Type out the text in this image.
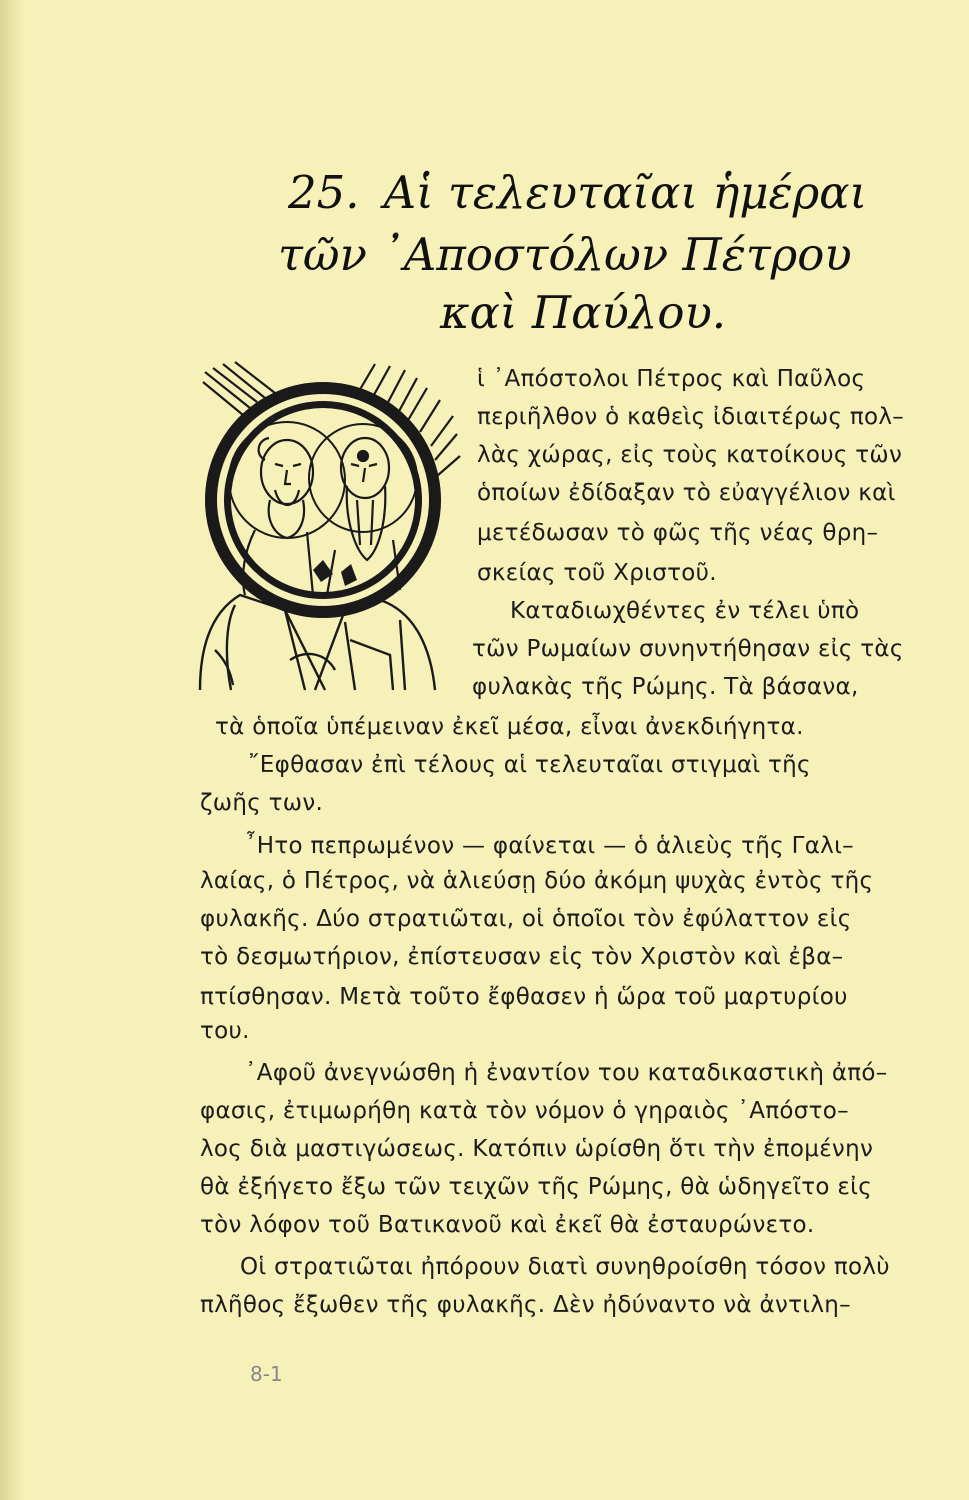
25. Αἱ τελευταῖαι ἡμέραι
τῶν ᾿Αποστόλων Πέτρου
καὶ Παύλου.
ἱ ᾿Απόστολοι Πέτρος καὶ Παῦλος
περιῆλθον ὁ καθεὶς ἰδιαιτέρως πολ–
λὰς χώρας, εἰς τοὺς κατοίκους τῶν
ὁποίων ἐδίδαξαν τὸ εὐαγγέλιον καὶ
μετέδωσαν τὸ φῶς τῆς νέας θρη–
σκείας τοῦ Χριστοῦ.
Καταδιωχθέντες ἐν τέλει ὑπὸ
τῶν Ρωμαίων συνηντήθησαν εἰς τὰς
φυλακὰς τῆς Ρώμης. Τὰ βάσανα,
τὰ ὁποῖα ὑπέμειναν ἐκεῖ μέσα, εἶναι ἀνεκδιήγητα.
῎Εφθασαν ἐπὶ τέλους αἱ τελευταῖαι στιγμαὶ τῆς
ζωῆς των.
῏Ητο πεπρωμένον — φαίνεται — ὁ ἁλιεὺς τῆς Γαλι–
λαίας, ὁ Πέτρος, νὰ ἁλιεύσῃ δύο ἀκόμη ψυχὰς ἐντὸς τῆς
φυλακῆς. Δύο στρατιῶται, οἱ ὁποῖοι τὸν ἐφύλαττον εἰς
τὸ δεσμωτήριον, ἐπίστευσαν εἰς τὸν Χριστὸν καὶ ἐβα–
πτίσθησαν. Μετὰ τοῦτο ἔφθασεν ἡ ὥρα τοῦ μαρτυρίου
του.
᾿Αφοῦ ἀνεγνώσθη ἡ ἐναντίον του καταδικαστικὴ ἀπό–
φασις, ἐτιμωρήθη κατὰ τὸν νόμον ὁ γηραιὸς ᾿Απόστο–
λος διὰ μαστιγώσεως. Κατόπιν ὡρίσθη ὅτι τὴν ἐπομένην
θὰ ἐξήγετο ἔξω τῶν τειχῶν τῆς Ρώμης, θὰ ὡδηγεῖτο εἰς
τὸν λόφον τοῦ Βατικανοῦ καὶ ἐκεῖ θὰ ἐσταυρώνετο.
Οἱ στρατιῶται ἠπόρουν διατὶ συνηθροίσθη τόσον πολὺ
πλῆθος ἔξωθεν τῆς φυλακῆς. Δὲν ἠδύναντο νὰ ἀντιλη–
8-1
